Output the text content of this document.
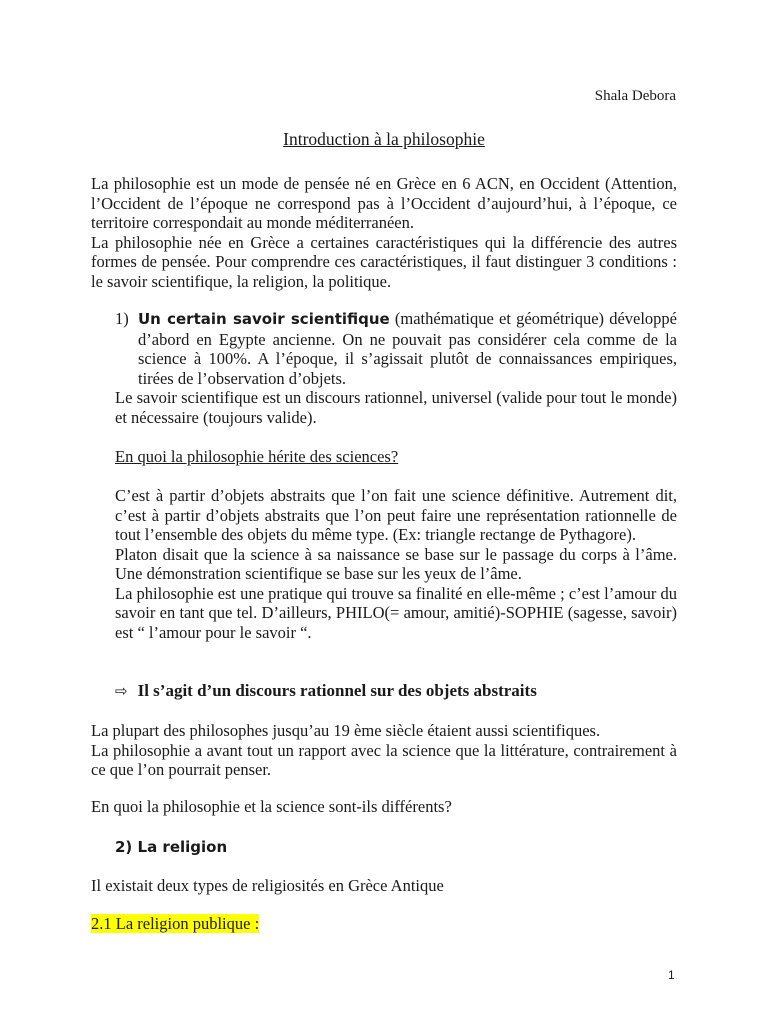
Shala Debora
Introduction à la philosophie

La philosophie est un mode de pensée né en Grèce en 6 ACN, en Occident (Attention, l’Occident de l’époque ne correspond pas à l’Occident d’aujourd’hui, à l’époque, ce territoire correspondait au monde méditerranéen.

La philosophie née en Grèce a certaines caractéristiques qui la différencie des autres formes de pensée. Pour comprendre ces caractéristiques, il faut distinguer 3 conditions : le savoir scientifique, la religion, la politique.

1) Un certain savoir scientifique (mathématique et géométrique) développé d’abord en Egypte ancienne. On ne pouvait pas considérer cela comme de la science à 100%. A l’époque, il s’agissait plutôt de connaissances empiriques, tirées de l’observation d’objets.
Le savoir scientifique est un discours rationnel, universel (valide pour tout le monde) et nécessaire (toujours valide).

En quoi la philosophie hérite des sciences?

C’est à partir d’objets abstraits que l’on fait une science définitive. Autrement dit, c’est à partir d’objets abstraits que l’on peut faire une représentation rationnelle de tout l’ensemble des objets du même type. (Ex: triangle rectange de Pythagore).

Platon disait que la science à sa naissance se base sur le passage du corps à l’âme. Une démonstration scientifique se base sur les yeux de l’âme.

La philosophie est une pratique qui trouve sa finalité en elle-même ; c’est l’amour du savoir en tant que tel. D’ailleurs, PHILO(= amour, amitié)-SOPHIE (sagesse, savoir) est “ l’amour pour le savoir “.

⇨ Il s’agit d’un discours rationnel sur des objets abstraits

La plupart des philosophes jusqu’au 19 ème siècle étaient aussi scientifiques.

La philosophie a avant tout un rapport avec la science que la littérature, contrairement à ce que l’on pourrait penser.

En quoi la philosophie et la science sont-ils différents?

2) La religion

Il existait deux types de religiosités en Grèce Antique

2.1 La religion publique :
1
